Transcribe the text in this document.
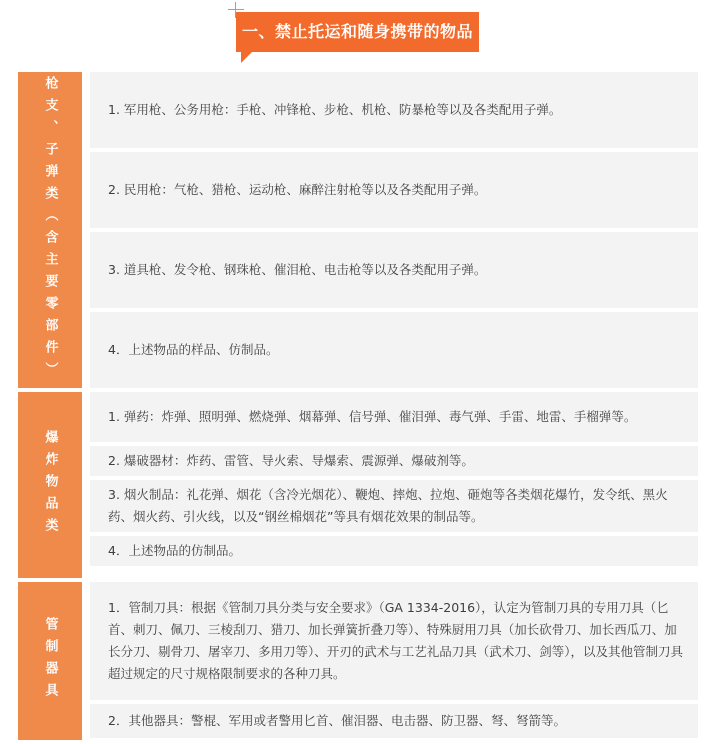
一、禁止托运和随身携带的物品
枪支、子弹类（含主要零部件）	1. 军用枪、公务用枪：手枪、冲锋枪、步枪、机枪、防暴枪等以及各类配用子弹。
2. 民用枪：气枪、猎枪、运动枪、麻醉注射枪等以及各类配用子弹。
3. 道具枪、发令枪、钢珠枪、催泪枪、电击枪等以及各类配用子弹。
4．上述物品的样品、仿制品。
爆炸物品类
1. 弹药：炸弹、照明弹、燃烧弹、烟幕弹、信号弹、催泪弹、毒气弹、手雷、地雷、手榴弹等。
2. 爆破器材：炸药、雷管、导火索、导爆索、震源弹、爆破剂等。
3. 烟火制品：礼花弹、烟花（含冷光烟花）、鞭炮、摔炮、拉炮、砸炮等各类烟花爆竹，发令纸、黑火药、烟火药、引火线，以及“钢丝棉烟花”等具有烟花效果的制品等。
4．上述物品的仿制品。
管制器具
1．管制刀具：根据《管制刀具分类与安全要求》（GA 1334-2016），认定为管制刀具的专用刀具（匕首、刺刀、佩刀、三棱刮刀、猎刀、加长弹簧折叠刀等）、特殊厨用刀具（加长砍骨刀、加长西瓜刀、加长分刀、剔骨刀、屠宰刀、多用刀等）、开刃的武术与工艺礼品刀具（武术刀、剑等），以及其他管制刀具超过规定的尺寸规格限制要求的各种刀具。
2．其他器具：警棍、军用或者警用匕首、催泪器、电击器、防卫器、弩、弩箭等。
